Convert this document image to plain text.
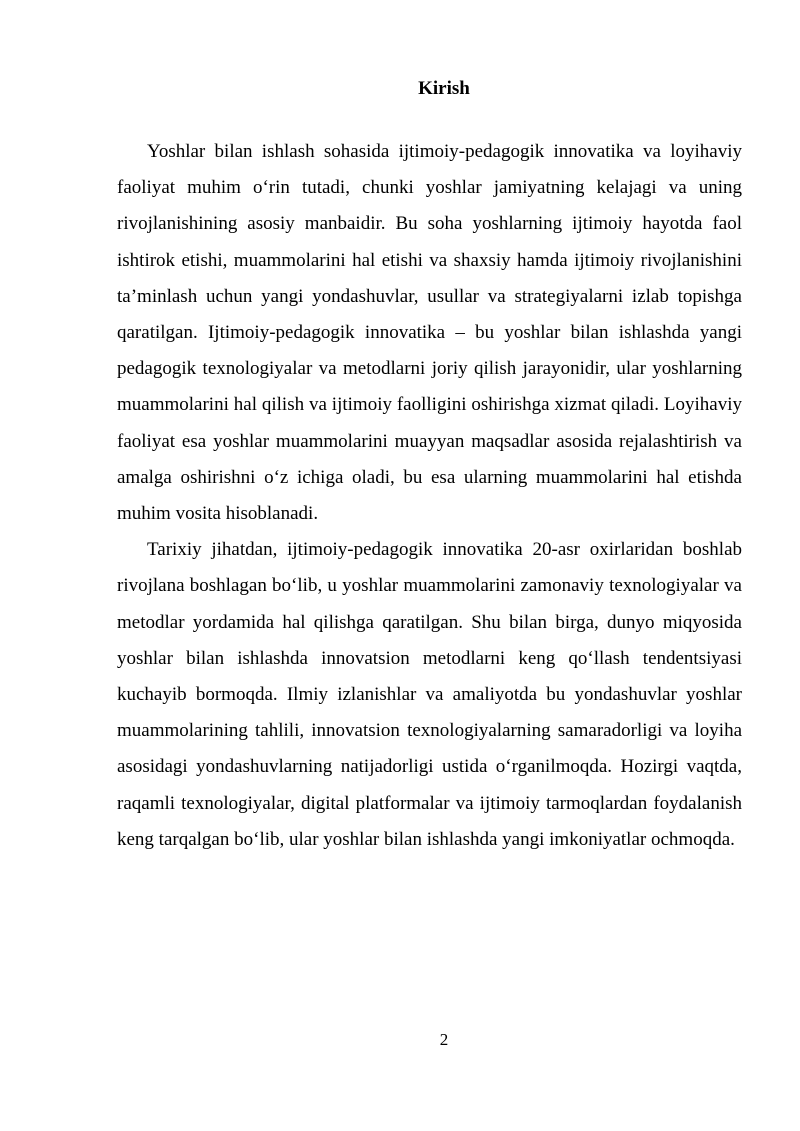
Kirish

Yoshlar bilan ishlash sohasida ijtimoiy-pedagogik innovatika va loyihaviy faoliyat muhim o‘rin tutadi, chunki yoshlar jamiyatning kelajagi va uning rivojlanishining asosiy manbaidir. Bu soha yoshlarning ijtimoiy hayotda faol ishtirok etishi, muammolarini hal etishi va shaxsiy hamda ijtimoiy rivojlanishini ta’minlash uchun yangi yondashuvlar, usullar va strategiyalarni izlab topishga qaratilgan. Ijtimoiy-pedagogik innovatika – bu yoshlar bilan ishlashda yangi pedagogik texnologiyalar va metodlarni joriy qilish jarayonidir, ular yoshlarning muammolarini hal qilish va ijtimoiy faolligini oshirishga xizmat qiladi. Loyihaviy faoliyat esa yoshlar muammolarini muayyan maqsadlar asosida rejalashtirish va amalga oshirishni o‘z ichiga oladi, bu esa ularning muammolarini hal etishda muhim vosita hisoblanadi.

Tarixiy jihatdan, ijtimoiy-pedagogik innovatika 20-asr oxirlaridan boshlab rivojlana boshlagan bo‘lib, u yoshlar muammolarini zamonaviy texnologiyalar va metodlar yordamida hal qilishga qaratilgan. Shu bilan birga, dunyo miqyosida yoshlar bilan ishlashda innovatsion metodlarni keng qo‘llash tendentsiyasi kuchayib bormoqda. Ilmiy izlanishlar va amaliyotda bu yondashuvlar yoshlar muammolarining tahlili, innovatsion texnologiyalarning samaradorligi va loyiha asosidagi yondashuvlarning natijadorligi ustida o‘rganilmoqda. Hozirgi vaqtda, raqamli texnologiyalar, digital platformalar va ijtimoiy tarmoqlardan foydalanish keng tarqalgan bo‘lib, ular yoshlar bilan ishlashda yangi imkoniyatlar ochmoqda.

2
